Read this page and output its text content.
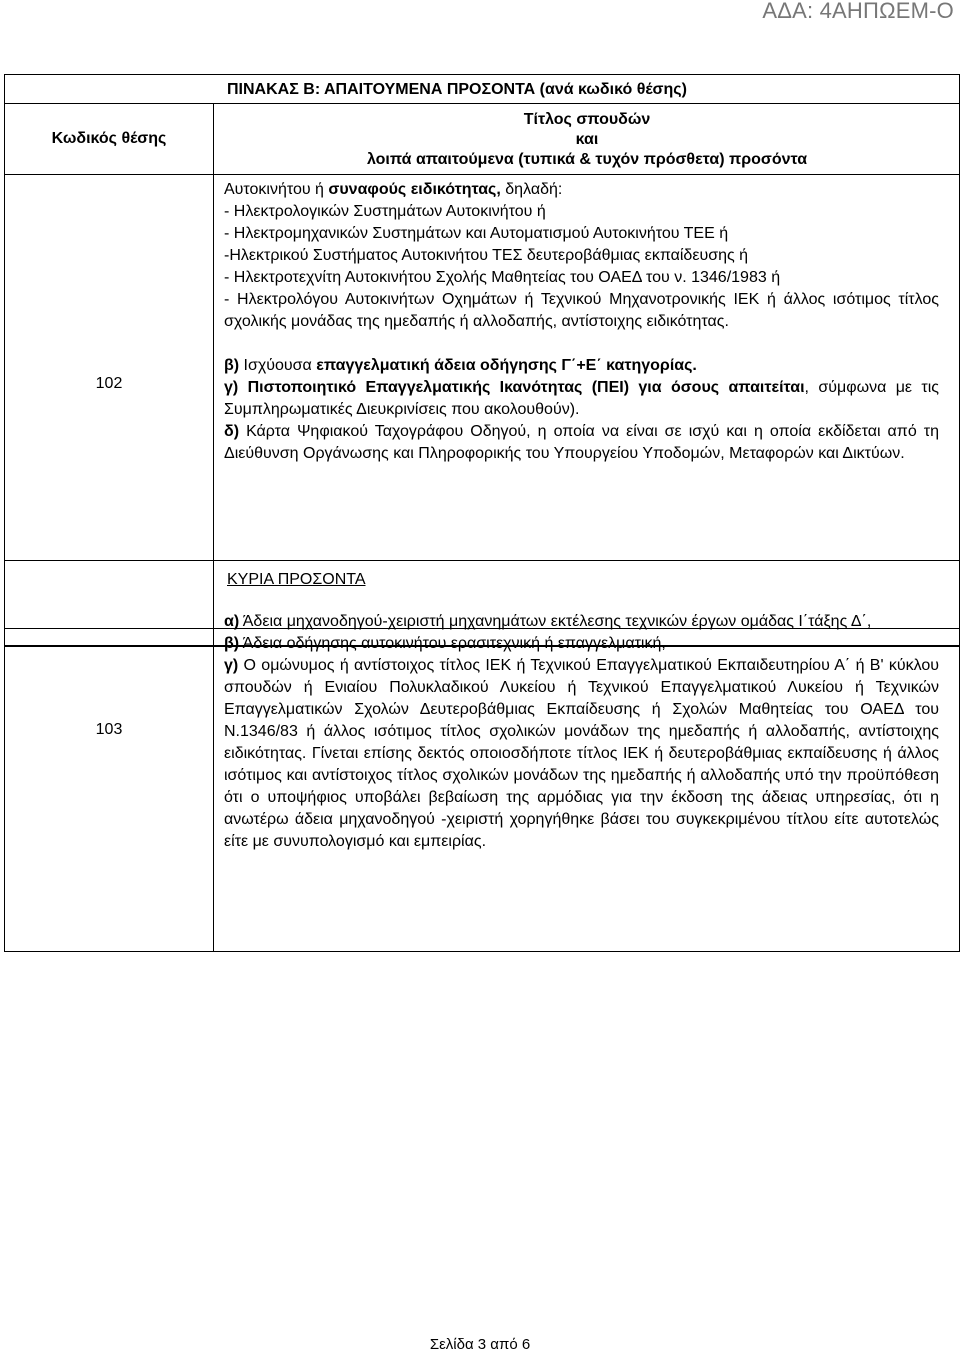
ΑΔΑ: 4ΑΗΠΩΕΜ-Ο
ΠΙΝΑΚΑΣ Β: ΑΠΑΙΤΟΥΜΕΝΑ ΠΡΟΣΟΝΤΑ (ανά κωδικό θέσης)
Κωδικός θέσης
Τίτλος σπουδών
και
λοιπά απαιτούμενα (τυπικά & τυχόν πρόσθετα) προσόντα
102

Αυτοκινήτου ή συναφούς ειδικότητας, δηλαδή:

- Ηλεκτρολογικών Συστημάτων Αυτοκινήτου ή

- Ηλεκτρομηχανικών Συστημάτων και Αυτοματισμού Αυτοκινήτου ΤΕΕ ή

-Ηλεκτρικού Συστήματος Αυτοκινήτου ΤΕΣ δευτεροβάθμιας εκπαίδευσης ή

- Ηλεκτροτεχνίτη Αυτοκινήτου Σχολής Μαθητείας του ΟΑΕΔ του ν. 1346/1983 ή

- Ηλεκτρολόγου Αυτοκινήτων Οχημάτων ή Τεχνικού Μηχανοτρονικής ΙΕΚ ή άλλος ισότιμος τίτλος σχολικής μονάδας της ημεδαπής ή αλλοδαπής, αντίστοιχης ειδικότητας.

β) Ισχύουσα επαγγελματική άδεια οδήγησης Γ΄+Ε΄ κατηγορίας.

γ) Πιστοποιητικό Επαγγελματικής Ικανότητας (ΠΕΙ) για όσους απαιτείται, σύμφωνα με τις Συμπληρωματικές Διευκρινίσεις που ακολουθούν).

δ) Κάρτα Ψηφιακού Ταχογράφου Οδηγού, η οποία να είναι σε ισχύ και η οποία εκδίδεται από τη Διεύθυνση Οργάνωσης και Πληροφορικής του Υπουργείου Υποδομών, Μεταφορών και Δικτύων.

103
ΚΥΡΙΑ ΠΡΟΣΟΝΤΑ

α) Άδεια μηχανοδηγού-χειριστή μηχανημάτων εκτέλεσης τεχνικών έργων ομάδας Ι΄τάξης Δ΄,

β) Άδεια οδήγησης αυτοκινήτου ερασιτεχνική ή επαγγελματική,

γ) Ο ομώνυμος ή αντίστοιχος τίτλος ΙΕΚ ή Τεχνικού Επαγγελματικού Εκπαιδευτηρίου Α΄ ή Β' κύκλου σπουδών ή Ενιαίου Πολυκλαδικού Λυκείου ή Τεχνικού Επαγγελματικού Λυκείου ή Τεχνικών Επαγγελματικών Σχολών Δευτεροβάθμιας Εκπαίδευσης ή Σχολών Μαθητείας του ΟΑΕΔ του Ν.1346/83 ή άλλος ισότιμος τίτλος σχολικών μονάδων της ημεδαπής ή αλλοδαπής, αντίστοιχης ειδικότητας. Γίνεται επίσης δεκτός οποιοσδήποτε τίτλος ΙΕΚ ή δευτεροβάθμιας εκπαίδευσης ή άλλος ισότιμος και αντίστοιχος τίτλος σχολικών μονάδων της ημεδαπής ή αλλοδαπής υπό την προϋπόθεση ότι ο υποψήφιος υποβάλει βεβαίωση της αρμόδιας για την έκδοση της άδειας υπηρεσίας, ότι η ανωτέρω άδεια μηχανοδηγού -χειριστή χορηγήθηκε βάσει του συγκεκριμένου τίτλου είτε αυτοτελώς είτε με συνυπολογισμό και εμπειρίας.

Σελίδα 3 από 6
